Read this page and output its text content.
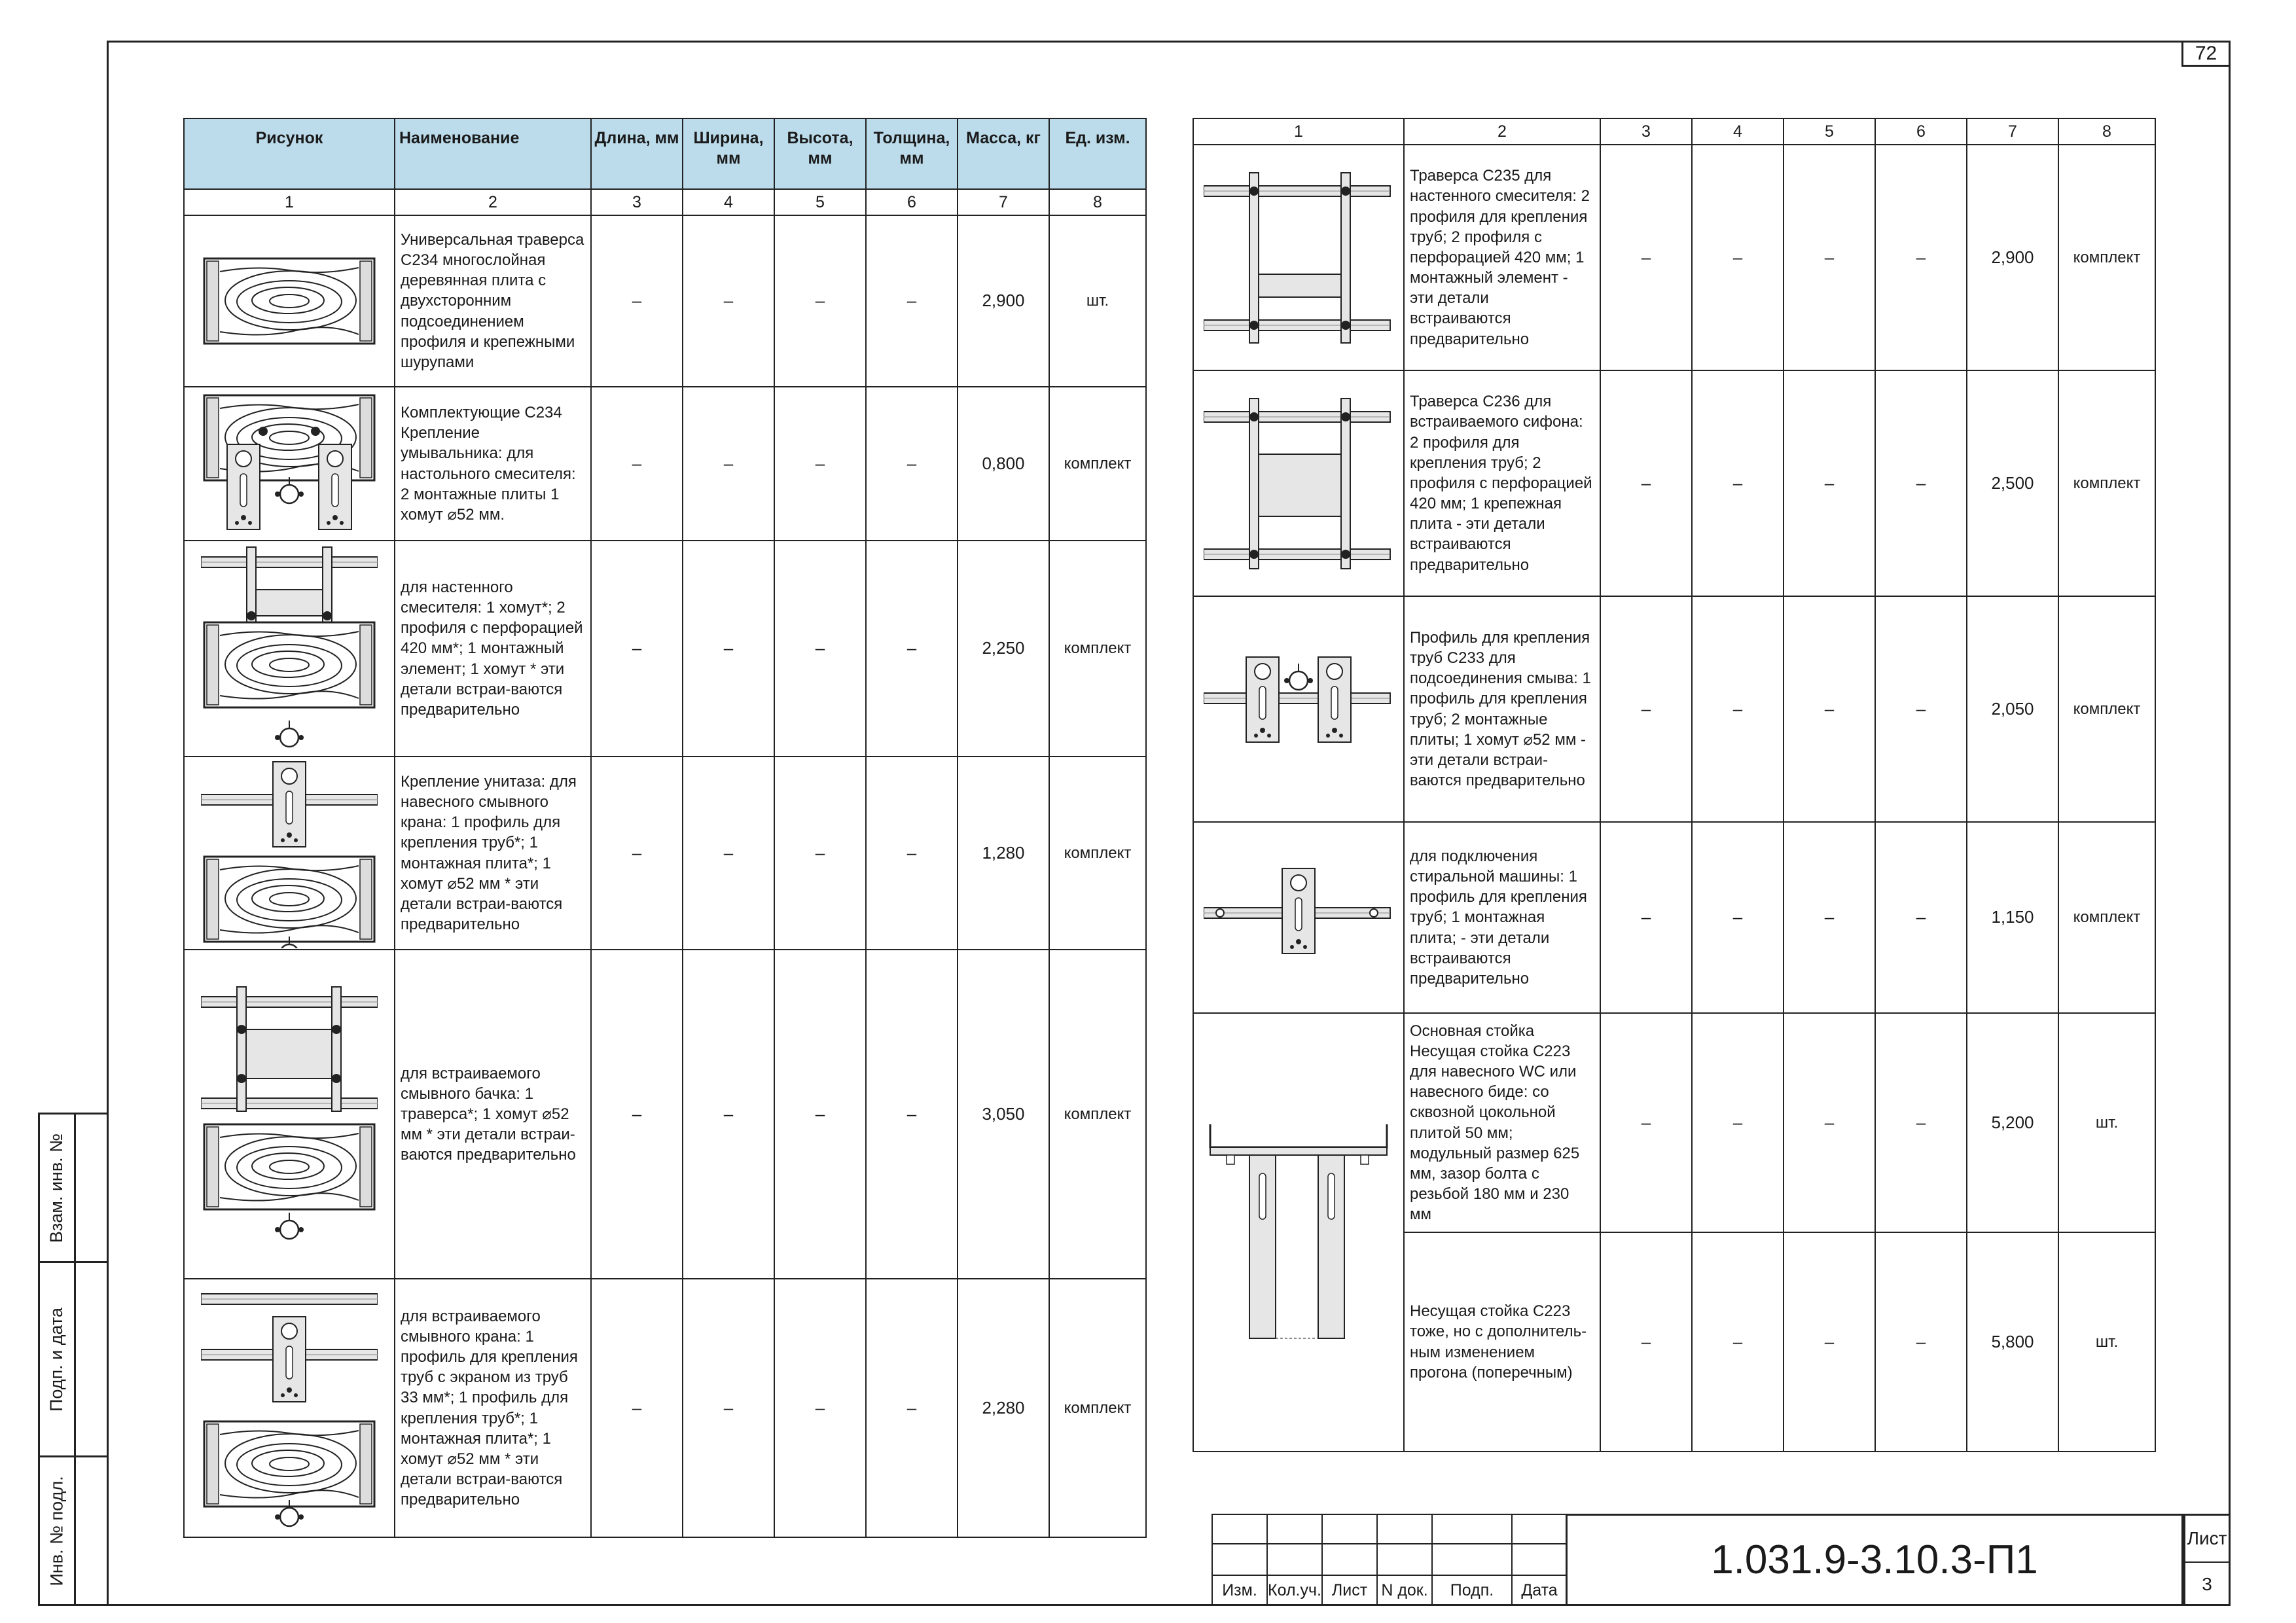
72
Взам. инв. №
Подп. и дата
Инв. № подл.
Рисунок	Наименование	Длина, мм	Ширина, мм	Высота, мм	Толщина, мм	Масса, кг	Ед. изм.
1	2	3	4	5	6	7	8

	Универсальная траверса С234 многослойная деревянная плита с двухсторонним подсоединением профиля и крепежными шурупами	–	–	–	–	2,900	шт.

	Комплектующие С234 Крепление умывальника: для настольного смесителя: 2 монтажные плиты 1 хомут ⌀52 мм.	–	–	–	–	0,800	комплект

	для настенного смесителя: 1 хомут*; 2 профиля с перфорацией 420 мм*; 1 монтажный элемент; 1 хомут * эти детали встраи-ваются предварительно	–	–	–	–	2,250	комплект

	Крепление унитаза: для навесного смывного крана: 1 профиль для крепления труб*; 1 монтажная плита*; 1 хомут ⌀52 мм * эти детали встраи-ваются предварительно	–	–	–	–	1,280	комплект

	для встраиваемого смывного бачка: 1 траверса*; 1 хомут ⌀52 мм * эти детали встраи-ваются предварительно	–	–	–	–	3,050	комплект

	для встраиваемого смывного крана: 1 профиль для крепления труб с экраном из труб 33 мм*; 1 профиль для крепления труб*; 1 монтажная плита*; 1 хомут ⌀52 мм * эти детали встраи-ваются предварительно	–	–	–	–	2,280	комплект
1	2	3	4	5	6	7	8

	Траверса С235 для настенного смесителя: 2 профиля для крепления труб; 2 профиля с перфорацией 420 мм; 1 монтажный элемент - эти детали встраиваются предварительно	–	–	–	–	2,900	комплект

	Траверса С236 для встраиваемого сифона: 2 профиля для крепления труб; 2 профиля с перфорацией 420 мм; 1 крепежная плита - эти детали встраиваются предварительно	–	–	–	–	2,500	комплект

	Профиль для крепления труб С233 для подсоединения смыва: 1 профиль для крепления труб; 2 монтажные плиты; 1 хомут ⌀52 мм - эти детали встраи-ваются предварительно	–	–	–	–	2,050	комплект

	для подключения стиральной машины: 1 профиль для крепления труб; 1 монтажная плита; - эти детали встраиваются предварительно	–	–	–	–	1,150	комплект

	Основная стойка Несущая стойка С223 для навесного WC или навесного биде: со сквозной цокольной плитой 50 мм; модульный размер 625 мм, зазор болта с резьбой 180 мм и 230 мм	–	–	–	–	5,200	шт.
	Несущая стойка С223 тоже, но с дополнитель-ным изменением прогона (поперечным)	–	–	–	–	5,800	шт.
Изм. Кол.уч. Лист N док.	Подп.	Дата
1.031.9-3.10.3-П1	Лист
3
